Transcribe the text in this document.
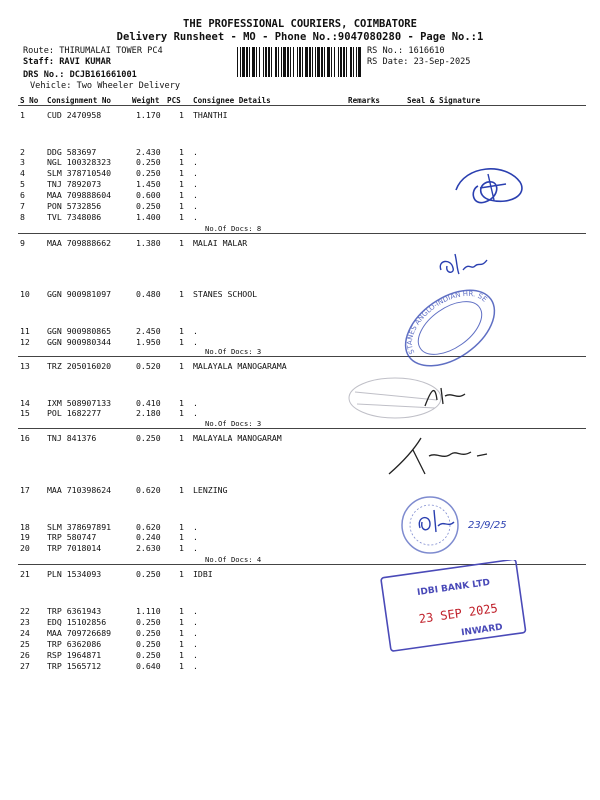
THE PROFESSIONAL COURIERS, COIMBATORE
Delivery Runsheet - MO - Phone No.:9047080280 - Page No.:1
Route: THIRUMALAI TOWER PC4
Staff: RAVI KUMAR
DRS No.: DCJB161661001
Vehicle: Two Wheeler Delivery
RS No.: 1616610
RS Date: 23-Sep-2025
S No Consignment No	Weight PCS Consignee Details	Remarks	Seal & Signature
1	CUD 2470958	1.170 1 THANTHI
2	DDG 583697	2.430 1 .
3	NGL 100328323	0.250 1 .
4	SLM 378710540	0.250 1 .
5	TNJ 7892073	1.450 1 .
6	MAA 709888604	0.600 1 .
7	PON 5732856	0.250 1 .
8	TVL 7348086	1.400 1 .
9	MAA 709888662	1.380 1 MALAI MALAR
10 GGN 900981097	0.480 1 STANES SCHOOL
11 GGN 900980865	2.450 1 .
12 GGN 900980344	1.950 1 .
13 TRZ 205016020	0.520 1 MALAYALA MANOGARAMA
14 IXM 508907133	0.410 1 .
15 POL 1682277	2.180 1 .
16 TNJ 841376	0.250 1 MALAYALA MANOGARAM
17 MAA 710398624	0.620 1 LENZING
18 SLM 378697891	0.620 1 .
19 TRP 580747	0.240 1 .
20 TRP 7018014	2.630 1 .
21 PLN 1534093	0.250 1 IDBI
22 TRP 6361943	1.110 1 .
23 EDQ 15102856	0.250 1 .
24 MAA 709726689	0.250 1 .
25 TRP 6362086	0.250 1 .
26 RSP 1964871	0.250 1 .
27 TRP 1565712	0.640 1 .
No.Of Docs: 8
No.Of Docs: 3
No.Of Docs: 3
No.Of Docs: 4
STANES ANGLO-INDIAN HR. SEC.
23/9/25
IDBI BANK LTD
23 SEP 2025
INWARD
